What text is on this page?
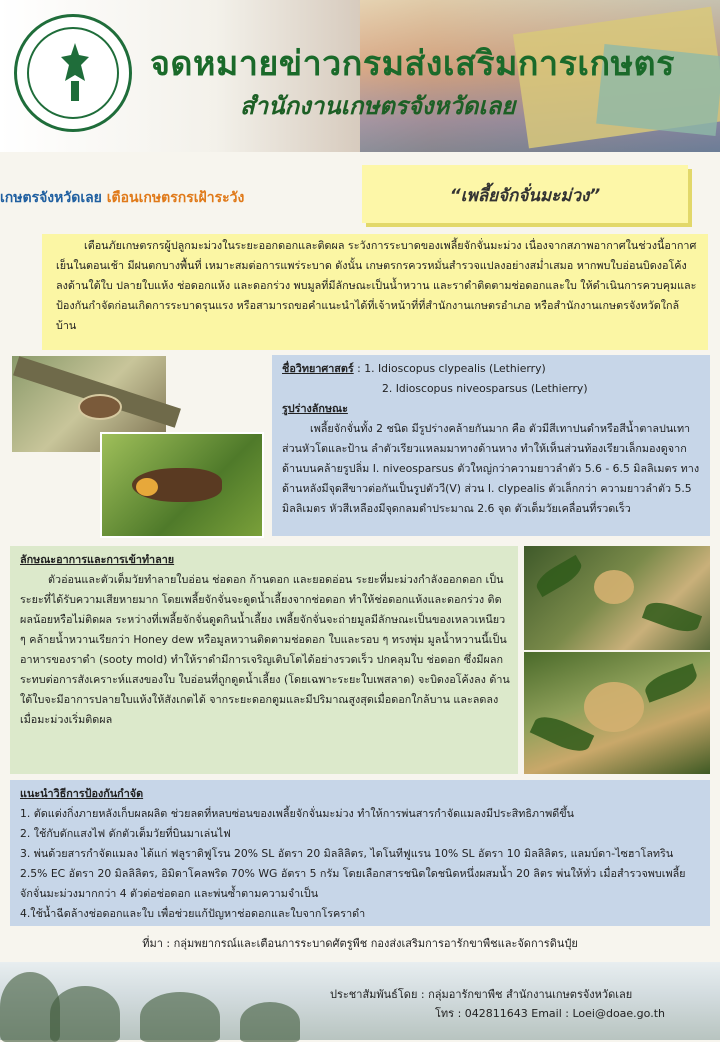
จดหมายข่าวกรมส่งเสริมการเกษตร
สำนักงานเกษตรจังหวัดเลย
เกษตรจังหวัดเลย เตือนเกษตรกรเฝ้าระวัง	“เพลี้ยจักจั่นมะม่วง”
เตือนภัยเกษตรกรผู้ปลูกมะม่วงในระยะออกดอกและติดผล ระวังการระบาดของเพลี้ยจักจั่นมะม่วง เนื่องจากสภาพอากาศในช่วงนี้อากาศเย็นในตอนเช้า มีฝนตกบางพื้นที่ เหมาะสมต่อการแพร่ระบาด ดังนั้น เกษตรกรควรหมั่นสำรวจแปลงอย่างสม่ำเสมอ หากพบใบอ่อนบิดงอโค้งลงด้านใต้ใบ ปลายใบแห้ง ช่อดอกแห้ง และดอกร่วง พบมูลที่มีลักษณะเป็นน้ำหวาน และราดำติดตามช่อดอกและใบ ให้ดำเนินการควบคุมและป้องกันกำจัดก่อนเกิดการระบาดรุนแรง หรือสามารถขอคำแนะนำได้ที่เจ้าหน้าที่ที่สำนักงานเกษตรอำเภอ หรือสำนักงานเกษตรจังหวัดใกล้บ้าน
ชื่อวิทยาศาสตร์ : 1. Idioscopus clypealis (Lethierry)
2. Idioscopus niveosparsus (Lethierry)
รูปร่างลักษณะ
เพลี้ยจักจั่นทั้ง 2 ชนิด มีรูปร่างคล้ายกันมาก คือ ตัวมีสีเทาปนดำหรือสีน้ำตาลปนเทา ส่วนหัวโตและป้าน ลำตัวเรียวแหลมมาทางด้านหาง ทำให้เห็นส่วนท้องเรียวเล็กมองดูจากด้านบนคล้ายรูปลิ่ม I. niveosparsus ตัวใหญ่กว่าความยาวลำตัว 5.6 - 6.5 มิลลิเมตร ทางด้านหลังมีจุดสีขาวต่อกันเป็นรูปตัววี(V) ส่วน I. clypealis ตัวเล็กกว่า ความยาวลำตัว 5.5 มิลลิเมตร หัวสีเหลืองมีจุดกลมดำประมาณ 2.6 จุด ตัวเต็มวัยเคลื่อนที่รวดเร็ว
ลักษณะอาการและการเข้าทำลาย
ตัวอ่อนและตัวเต็มวัยทำลายใบอ่อน ช่อดอก ก้านดอก และยอดอ่อน ระยะที่มะม่วงกำลังออกดอก เป็นระยะที่ได้รับความเสียหายมาก โดยเพลี้ยจักจั่นจะดูดน้ำเลี้ยงจากช่อดอก ทำให้ช่อดอกแห้งและดอกร่วง ติดผลน้อยหรือไม่ติดผล ระหว่างที่เพลี้ยจักจั่นดูดกินน้ำเลี้ยง เพลี้ยจักจั่นจะถ่ายมูลมีลักษณะเป็นของเหลวเหนียว ๆ คล้ายน้ำหวานเรียกว่า Honey dew หรือมูลหวานติดตามช่อดอก ใบและรอบ ๆ ทรงพุ่ม มูลน้ำหวานนี้เป็นอาหารของราดำ (sooty mold) ทำให้ราดำมีการเจริญเติบโตได้อย่างรวดเร็ว ปกคลุมใบ ช่อดอก ซึ่งมีผลกระทบต่อการสังเคราะห์แสงของใบ ใบอ่อนที่ถูกดูดน้ำเลี้ยง (โดยเฉพาะระยะใบเพสลาด) จะบิดงอโค้งลง ด้านใต้ใบจะมีอาการปลายใบแห้งให้สังเกตได้ จากระยะดอกตูมและมีปริมาณสูงสุดเมื่อดอกใกล้บาน และลดลงเมื่อมะม่วงเริ่มติดผล
แนะนำวิธีการป้องกันกำจัด
1. ตัดแต่งกิ่งภายหลังเก็บผลผลิต ช่วยลดที่หลบซ่อนของเพลี้ยจักจั่นมะม่วง ทำให้การพ่นสารกำจัดแมลงมีประสิทธิภาพดีขึ้น
2. ใช้กับดักแสงไฟ ดักตัวเต็มวัยที่บินมาเล่นไฟ
3. พ่นด้วยสารกำจัดแมลง ได้แก่ ฟลูราดิฟูโรน 20% SL อัตรา 20 มิลลิลิตร, ไดโนทีฟูแรน 10% SL อัตรา 10 มิลลิลิตร, แลมบ์ดา-ไซฮาโลทริน 2.5% EC อัตรา 20 มิลลิลิตร, อิมิดาโคลพริด 70% WG อัตรา 5 กรัม โดยเลือกสารชนิดใดชนิดหนึ่งผสมน้ำ 20 ลิตร พ่นให้ทั่ว เมื่อสำรวจพบเพลี้ยจักจั่นมะม่วงมากกว่า 4 ตัวต่อช่อดอก และพ่นซ้ำตามความจำเป็น
4.ใช้น้ำฉีดล้างช่อดอกและใบ เพื่อช่วยแก้ปัญหาช่อดอกและใบจากโรคราดำ
ที่มา : กลุ่มพยากรณ์และเตือนการระบาดศัตรูพืช กองส่งเสริมการอารักขาพืชและจัดการดินปุ๋ย
ประชาสัมพันธ์โดย : กลุ่มอารักขาพืช สำนักงานเกษตรจังหวัดเลย
โทร : 042811643 Email : Loei@doae.go.th
